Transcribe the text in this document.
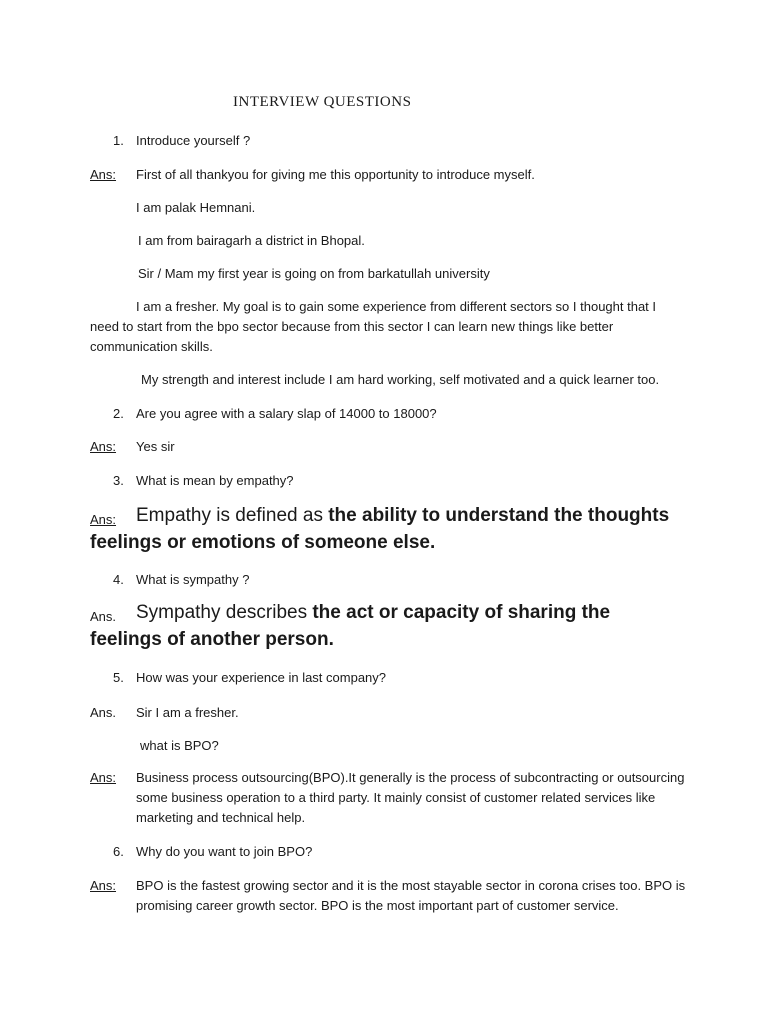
INTERVIEW QUESTIONS
1. Introduce yourself ?
Ans: First of all thankyou for giving me this opportunity to introduce myself.
I am palak Hemnani.
I am from bairagarh a district in Bhopal.
Sir / Mam my first year is going on from barkatullah university
I am a fresher. My goal is to gain some experience from different sectors so I thought that I
need to start from the bpo sector because from this sector I can learn new things like better
communication skills.
My strength and interest include I am hard working, self motivated and a quick learner too.
2. Are you agree with a salary slap of 14000 to 18000?
Ans: Yes sir
3. What is mean by empathy?
Ans: Empathy is defined as the ability to understand the thoughts
feelings or emotions of someone else.
4. What is sympathy ?
Ans. Sympathy describes the act or capacity of sharing the
feelings of another person.
5. How was your experience in last company?
Ans. Sir I am a fresher.
what is BPO?
Ans: Business process outsourcing(BPO).It generally is the process of subcontracting or outsourcing
some business operation to a third party. It mainly consist of customer related services like
marketing and technical help.
6. Why do you want to join BPO?
Ans: BPO is the fastest growing sector and it is the most stayable sector in corona crises too. BPO is
promising career growth sector. BPO is the most important part of customer service.
